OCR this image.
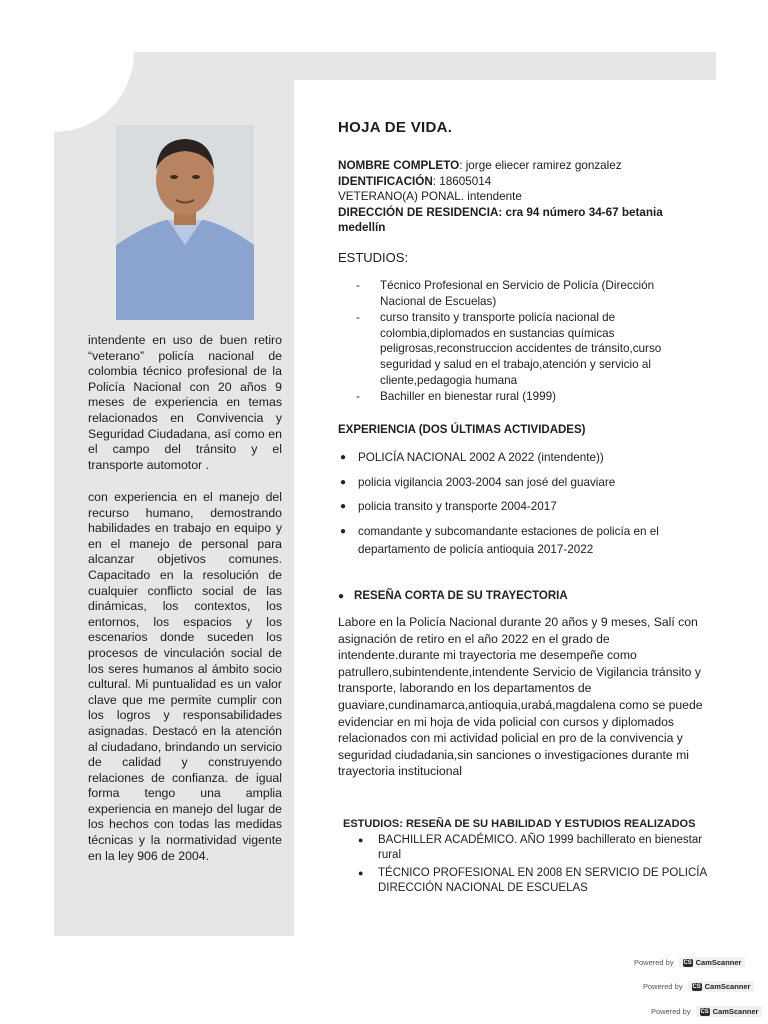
intendente en uso de buen retiro “veterano” policía nacional de colombia técnico profesional de la Policía Nacional con 20 años 9 meses de experiencia en temas relacionados en Convivencia y Seguridad Ciudadana, así como en el campo del tránsito y el transporte automotor .
con experiencia en el manejo del recurso humano, demostrando habilidades en trabajo en equipo y en el manejo de personal para alcanzar objetivos comunes. Capacitado en la resolución de cualquier conflicto social de las dinámicas, los contextos, los entornos, los espacios y los escenarios donde suceden los procesos de vinculación social de los seres humanos al ámbito socio cultural. Mi puntualidad es un valor clave que me permite cumplir con los logros y responsabilidades asignadas. Destacó en la atención al ciudadano, brindando un servicio de calidad y construyendo relaciones de confianza. de igual forma tengo una amplia experiencia en manejo del lugar de los hechos con todas las medidas técnicas y la normatividad vigente en la ley 906 de 2004.
HOJA DE VIDA.
NOMBRE COMPLETO: jorge eliecer ramirez gonzalez
IDENTIFICACIÓN: 18605014
VETERANO(A) PONAL. intendente
DIRECCIÓN DE RESIDENCIA: cra 94 número 34-67 betania medellín
ESTUDIOS:
- Técnico Profesional en Servicio de Policía (Dirección Nacional de Escuelas)
- curso transito y transporte policía nacional de colombia,diplomados en sustancias químicas peligrosas,reconstruccion accidentes de tránsito,curso seguridad y salud en el trabajo,atención y servicio al cliente,pedagogia humana
- Bachiller en bienestar rural (1999)
EXPERIENCIA (DOS ÚLTIMAS ACTIVIDADES)
● POLICÍA NACIONAL 2002 A 2022 (intendente))
● policia vigilancia 2003-2004 san josé del guaviare
● policia transito y transporte 2004-2017
● comandante y subcomandante estaciones de policía en el departamento de policía antioquia 2017-2022
● RESEÑA CORTA DE SU TRAYECTORIA
Labore en la Policía Nacional durante 20 años y 9 meses, Salí con asignación de retiro en el año 2022 en el grado de intendente.durante mi trayectoria me desempeñe como patrullero,subintendente,intendente Servicio de Vigilancia tránsito y transporte, laborando en los departamentos de guaviare,cundinamarca,antioquia,urabá,magdalena como se puede evidenciar en mi hoja de vida policial con cursos y diplomados relacionados con mi actividad policial en pro de la convivencia y seguridad ciudadania,sin sanciones o investigaciones durante mi trayectoria institucional
ESTUDIOS: RESEÑA DE SU HABILIDAD Y ESTUDIOS REALIZADOS
● BACHILLER ACADÉMICO. AÑO 1999 bachillerato en bienestar rural
● TÉCNICO PROFESIONAL EN 2008 EN SERVICIO DE POLICÍA DIRECCIÓN NACIONAL DE ESCUELAS
Powered by CS CamScanner
Powered by CS CamScanner
Powered by CS CamScanner
